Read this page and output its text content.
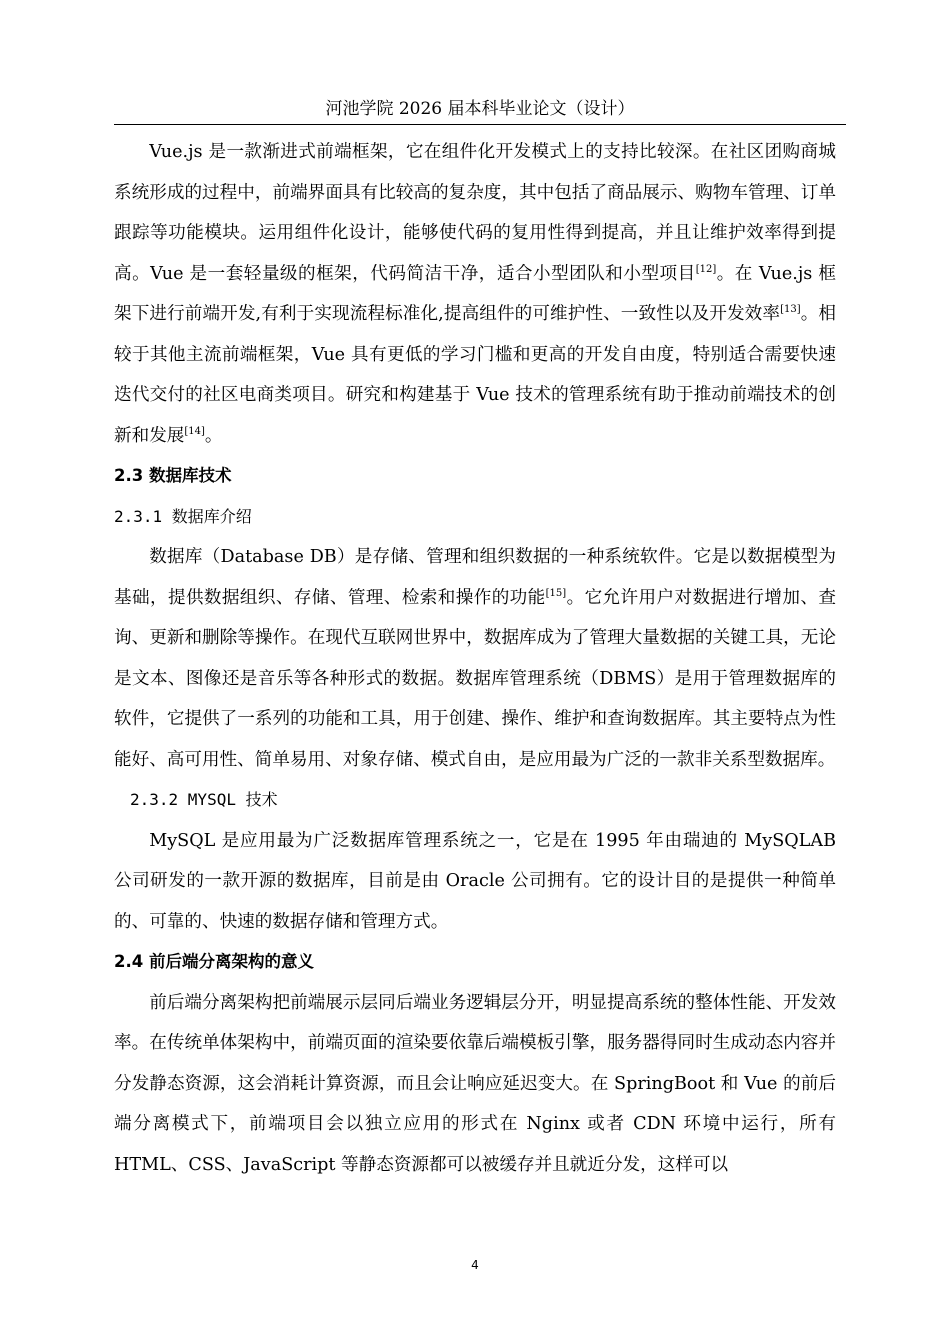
河池学院 2026 届本科毕业论文（设计）

Vue.js 是一款渐进式前端框架，它在组件化开发模式上的支持比较深。在社区团购商城系统形成的过程中，前端界面具有比较高的复杂度，其中包括了商品展示、购物车管理、订单跟踪等功能模块。运用组件化设计，能够使代码的复用性得到提高，并且让维护效率得到提高。Vue 是一套轻量级的框架，代码简洁干净，适合小型团队和小型项目[12]。在 Vue.js 框架下进行前端开发,有利于实现流程标准化,提高组件的可维护性、一致性以及开发效率[13]。相较于其他主流前端框架，Vue 具有更低的学习门槛和更高的开发自由度，特别适合需要快速迭代交付的社区电商类项目。研究和构建基于 Vue 技术的管理系统有助于推动前端技术的创新和发展[14]。

2.3 数据库技术
2.3.1 数据库介绍

数据库（Database DB）是存储、管理和组织数据的一种系统软件。它是以数据模型为基础，提供数据组织、存储、管理、检索和操作的功能[15]。它允许用户对数据进行增加、查询、更新和删除等操作。在现代互联网世界中，数据库成为了管理大量数据的关键工具，无论是文本、图像还是音乐等各种形式的数据。数据库管理系统（DBMS）是用于管理数据库的软件，它提供了一系列的功能和工具，用于创建、操作、维护和查询数据库。其主要特点为性能好、高可用性、简单易用、对象存储、模式自由，是应用最为广泛的一款非关系型数据库。

2.3.2 MYSQL 技术

MySQL 是应用最为广泛数据库管理系统之一，它是在 1995 年由瑞迪的 MySQLAB 公司研发的一款开源的数据库，目前是由 Oracle 公司拥有。它的设计目的是提供一种简单的、可靠的、快速的数据存储和管理方式。

2.4 前后端分离架构的意义

前后端分离架构把前端展示层同后端业务逻辑层分开，明显提高系统的整体性能、开发效率。在传统单体架构中，前端页面的渲染要依靠后端模板引擎，服务器得同时生成动态内容并分发静态资源，这会消耗计算资源，而且会让响应延迟变大。在 SpringBoot 和 Vue 的前后端分离模式下，前端项目会以独立应用的形式在 Nginx 或者 CDN 环境中运行，所有 HTML、CSS、JavaScript 等静态资源都可以被缓存并且就近分发，这样可以

4
